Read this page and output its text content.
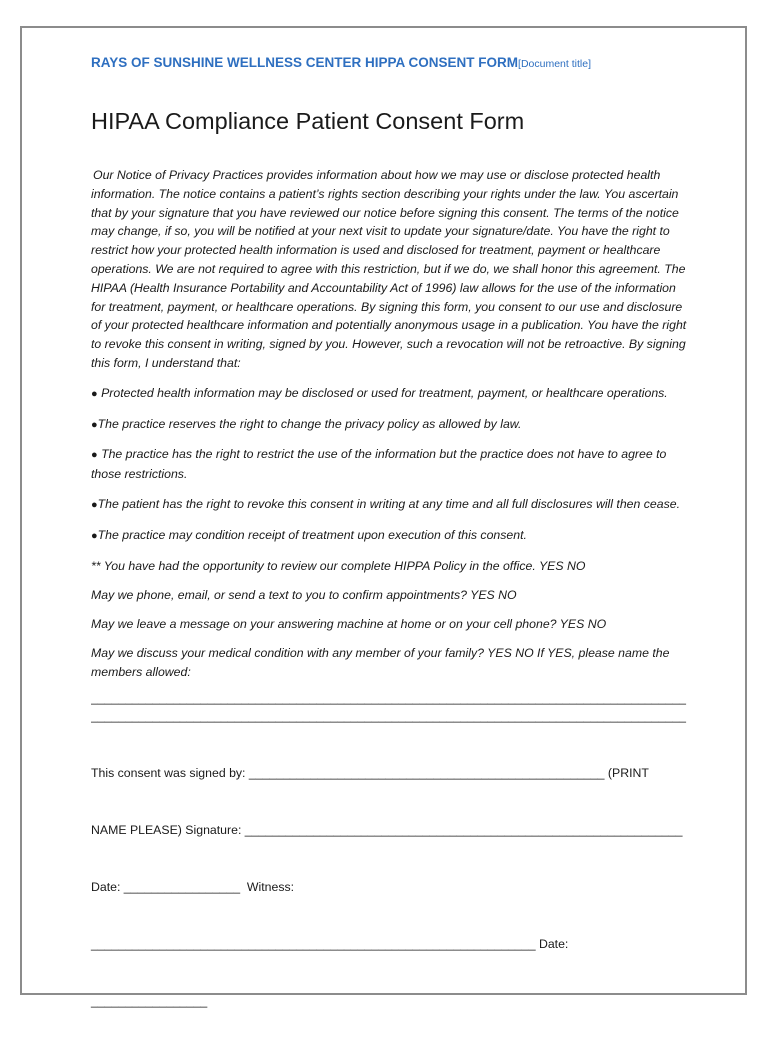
RAYS OF SUNSHINE WELLNESS CENTER HIPPA CONSENT FORM[Document title]
HIPAA Compliance Patient Consent Form

Our Notice of Privacy Practices provides information about how we may use or disclose protected health information. The notice contains a patient’s rights section describing your rights under the law. You ascertain that by your signature that you have reviewed our notice before signing this consent. The terms of the notice may change, if so, you will be notified at your next visit to update your signature/date. You have the right to restrict how your protected health information is used and disclosed for treatment, payment or healthcare operations. We are not required to agree with this restriction, but if we do, we shall honor this agreement. The HIPAA (Health Insurance Portability and Accountability Act of 1996) law allows for the use of the information for treatment, payment, or healthcare operations. By signing this form, you consent to our use and disclosure of your protected healthcare information and potentially anonymous usage in a publication. You have the right to revoke this consent in writing, signed by you. However, such a revocation will not be retroactive. By signing this form, I understand that:

● Protected health information may be disclosed or used for treatment, payment, or healthcare operations.

●The practice reserves the right to change the privacy policy as allowed by law.

● The practice has the right to restrict the use of the information but the practice does not have to agree to those restrictions.

●The patient has the right to revoke this consent in writing at any time and all full disclosures will then cease.

●The practice may condition receipt of treatment upon execution of this consent.

** You have had the opportunity to review our complete HIPPA Policy in the office. YES NO

May we phone, email, or send a text to you to confirm appointments? YES NO

May we leave a message on your answering machine at home or on your cell phone? YES NO

May we discuss your medical condition with any member of your family? YES NO If YES, please name the members allowed:

_______________________________________________________________________________________
_______________________________________________________________________________________

This consent was signed by: ____________________________________________________ (PRINT

NAME PLEASE) Signature: ________________________________________________________________

Date: _________________  Witness:

_________________________________________________________________ Date:

_________________
